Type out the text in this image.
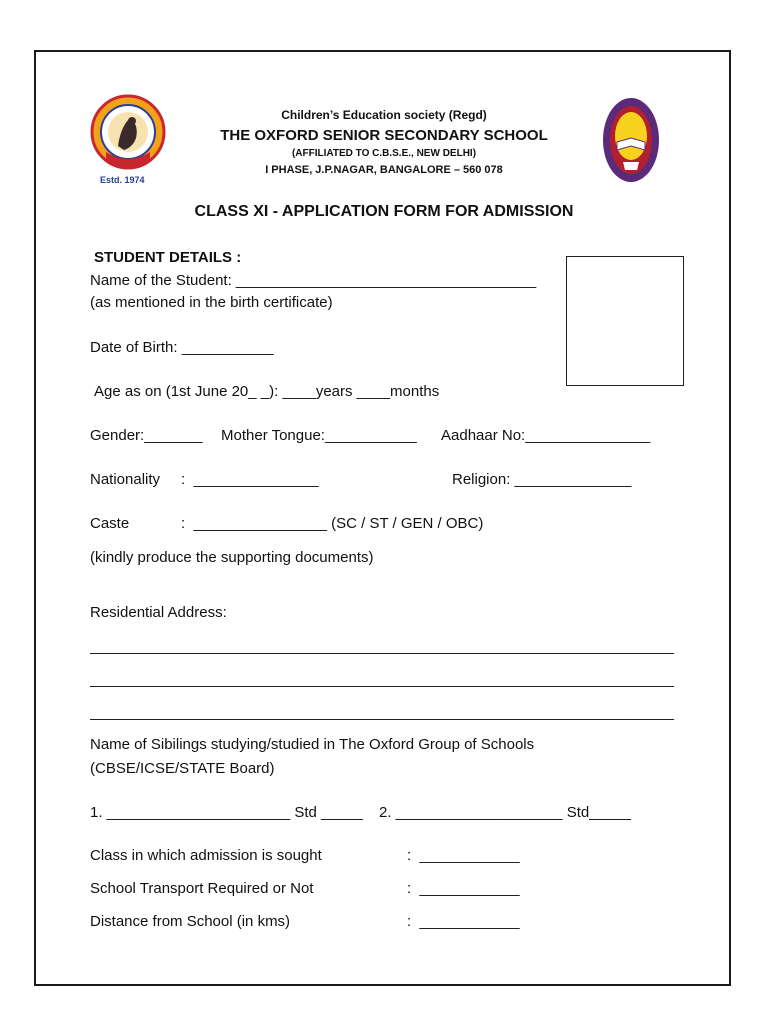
Estd. 1974
Children’s Education society (Regd)
THE OXFORD SENIOR SECONDARY SCHOOL
(AFFILIATED TO C.B.S.E., NEW DELHI)
I PHASE, J.P.NAGAR, BANGALORE – 560 078
CLASS XI - APPLICATION FORM FOR ADMISSION
STUDENT DETAILS :
Name of the Student: ____________________________________
(as mentioned in the birth certificate)
Date of Birth: ___________
Age as on (1st June 20_ _): ____years ____months
Gender:_______ Mother Tongue:___________ Aadhaar No:_______________
Nationality :  _______________	Religion: ______________
Caste	:  ________________ (SC / ST / GEN / OBC)
(kindly produce the supporting documents)
Residential Address:
______________________________________________________________________
______________________________________________________________________
______________________________________________________________________
Name of Sibilings studying/studied in The Oxford Group of Schools
(CBSE/ICSE/STATE Board)
1. ______________________ Std _____ 2. ____________________ Std_____
Class in which admission is sought	:  ____________
School Transport Required or Not	:  ____________
Distance from School (in kms)	:  ____________
